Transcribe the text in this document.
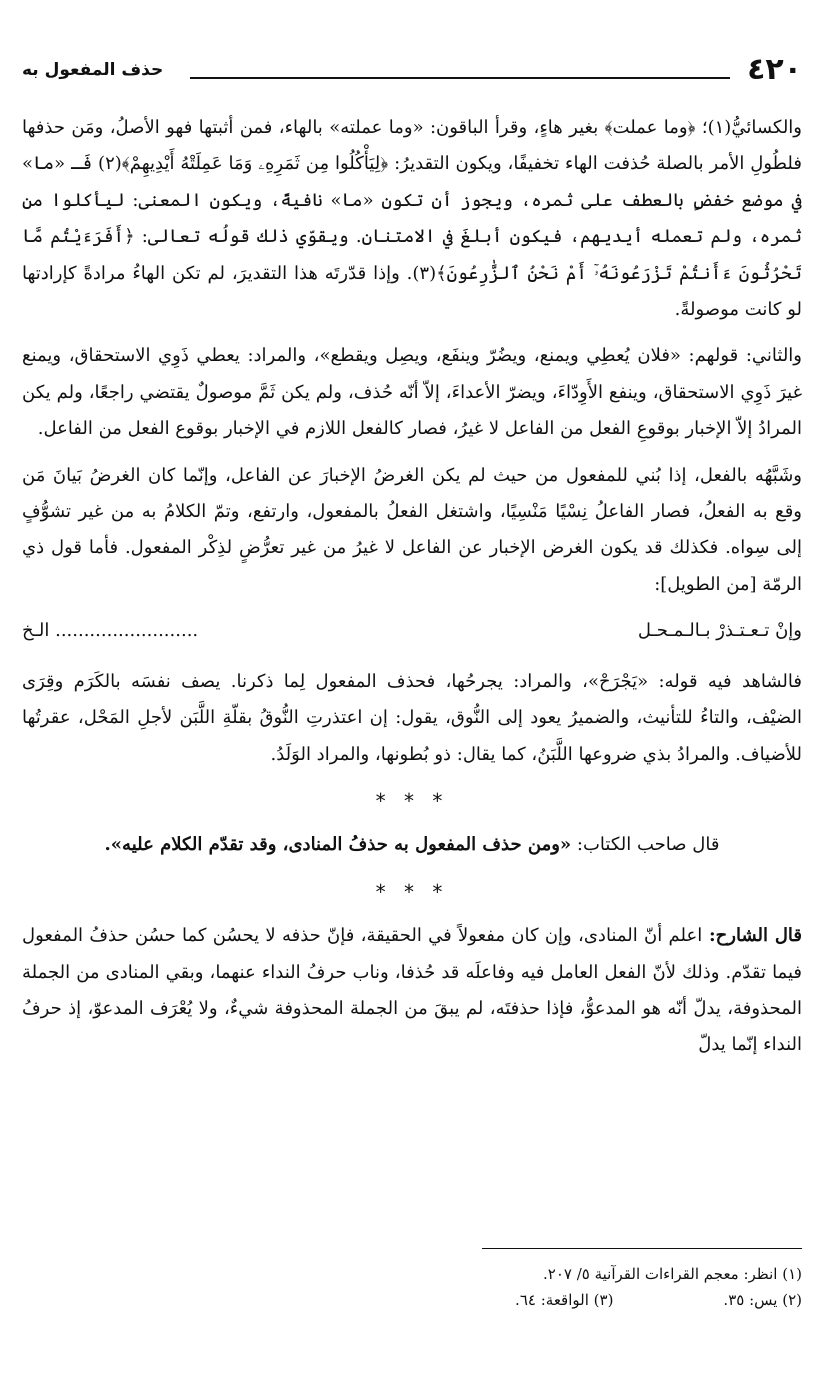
٤٢٠
حذف المفعول به

والكسائيُّ(١)؛ ﴿وما عملت﴾ بغير هاءٍ، وقرأ الباقون: «وما عملته» بالهاء، فمن أثبتها فهو الأصلُ، ومَن حذفها فلطُولِ الأمر بالصلة حُذفت الهاء تخفيفًا، ويكون التقديرُ: ﴿لِيَأْكُلُوا مِن ثَمَرِهِۦ وَمَا عَمِلَتْهُ أَيْدِيهِمْ﴾(٢) فَـ «ما» في موضع خفضٍ بالعطف على ثمره، ويجوز أن تكون «ما» نافيةً، ويكون المعنى: ليأكلوا من ثمره، ولم تعمله أيديهم، فيكون أبلغَ في الامتنان. ويقوّي ذلك قولُه تعالى: ﴿أَفَرَءَيْتُم مَّا تَحْرُثُونَ ءَأَنتُمْ تَزْرَعُونَهُۥٓ أَمْ نَحْنُ ٱلزَّٰرِعُونَ﴾(٣). وإذا قدّرتَه هذا التقديرَ، لم تكن الهاءُ مرادةً كإرادتها لو كانت موصولةً.

والثاني: قولهم: «فلان يُعطِي ويمنع، ويضُرّ وينفَع، ويصِل ويقطع»، والمراد: يعطي ذَوِي الاستحقاق، ويمنع غيرَ ذَوِي الاستحقاق، وينفع الأَوِدّاءَ، ويضرّ الأعداءَ، إلاّ أنّه حُذف، ولم يكن ثَمَّ موصولٌ يقتضي راجعًا، ولم يكن المرادُ إلاّ الإخبار بوقوعِ الفعل من الفاعل لا غيرُ، فصار كالفعل اللازم في الإخبار بوقوع الفعل من الفاعل.

وشَبَّهُه بالفعل، إذا بُني للمفعول من حيث لم يكن الغرضُ الإخبارَ عن الفاعل، وإنّما كان الغرضُ بَيانَ مَن وقع به الفعلُ، فصار الفاعلُ نِسْيًا مَنْسِيًا، واشتغل الفعلُ بالمفعول، وارتفع، وتمّ الكلامُ به من غير تشوُّفٍ إلى سِواه. فكذلك قد يكون الغرض الإخبار عن الفاعل لا غيرُ من غير تعرُّضٍ لذِكْر المفعول. فأما قول ذي الرمّة [من الطويل]:

وإنْ تـعـتـذرْ بـالـمـحـل
......................... الـخ

فالشاهد فيه قوله: «يَجْرَحْ»، والمراد: يجرحُها، فحذف المفعول لِما ذكرنا. يصف نفسَه بالكَرَم وقِرَى الضيْف، والتاءُ للتأنيث، والضميرُ يعود إلى النُّوق، يقول: إن اعتذرتِ النُّوقُ بقلّةِ اللَّبَن لأجلِ المَحْل، عقرتُها للأضياف. والمرادُ بذي ضروعها اللَّبَنُ، كما يقال: ذو بُطونها، والمراد الوَلَدُ.

* * *

قال صاحب الكتاب: «ومن حذف المفعول به حذفُ المنادى، وقد تقدّم الكلام عليه».

* * *

قال الشارح: اعلم أنّ المنادى، وإن كان مفعولاً في الحقيقة، فإنّ حذفه لا يحسُن كما حسُن حذفُ المفعول فيما تقدّم. وذلك لأنّ الفعل العامل فيه وفاعلَه قد حُذفا، وناب حرفُ النداء عنهما، وبقي المنادى من الجملة المحذوفة، يدلّ أنّه هو المدعوُّ، فإذا حذفتَه، لم يبقَ من الجملة المحذوفة شيءٌ، ولا يُعْرَف المدعوّ، إذ حرفُ النداء إنّما يدلّ

(١) انظر: معجم القراءات القرآنية ٥/ ٢٠٧.
(٢) يس: ٣٥.
(٣) الواقعة: ٦٤.
